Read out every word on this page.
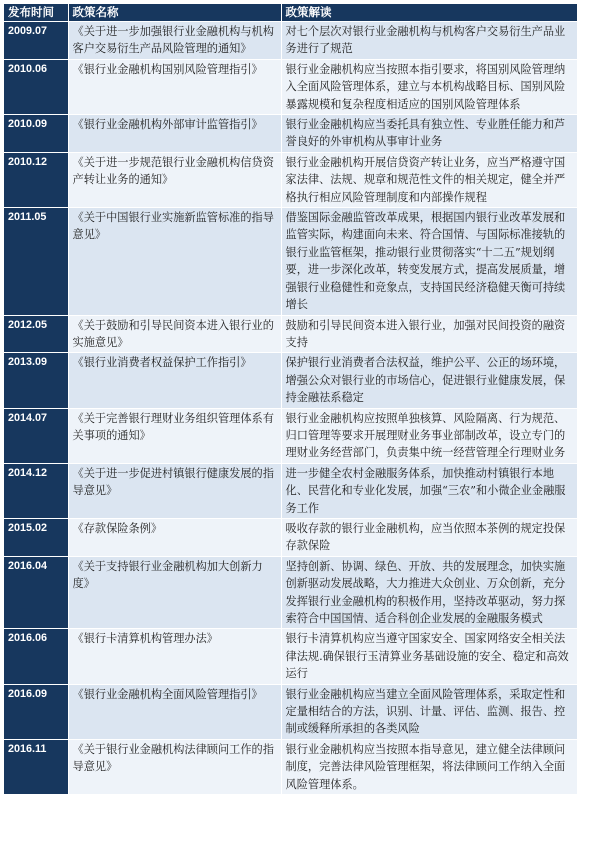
发布时间	政策名称	政策解读
2009.07	《关于进一步加强银行业金融机构与机构客户交易衍生产品风险管理的通知》	对七个层次对银行业金融机构与机构客户交易衍生产品业务进行了规范
2010.06	《银行业金融机构国别风险管理指引》	银行业金融机构应当按照本指引要求，将国别风险管理纳入全面风险管理体系，建立与本机构战略目标、国别风险暴露规模和复杂程度相适应的国别风险管理体系
2010.09	《银行业金融机构外部审计监管指引》	银行业金融机构应当委托具有独立性、专业胜任能力和芦誉良好的外审机构从事审计业务
2010.12	《关于进一步规范银行业金融机构信贷资产转让业务的通知》	银行业金融机构开展信贷资产转让业务，应当严格遵守国家法律、法规、规章和规范性文件的相关规定，健全并严格执行相应风险管理制度和内部操作规程
2011.05	《关于中国银行业实施新监管标准的指导意见》	借鉴国际金融监管改革成果，根据国内银行业改革发展和监管实际，构建面向未来、符合国情、与国际标准接轨的银行业监管框架，推动银行业贯彻落实“十二五”规划纲要，进一步深化改革，转变发展方式，提高发展质量，增强银行业稳健性和竞象点，支持国民经济稳健天衡可持续增长
2012.05	《关于鼓励和引导民间资本进入银行业的实施意见》	鼓励和引导民间资本进入银行业，加强对民间投资的融资支持
2013.09	《银行业消费者权益保护工作指引》	保护银行业消费者合法权益，维护公平、公正的场环境，增强公众对银行业的市场信心，促进银行业健康发展，保持金融祛系稳定
2014.07	《关于完善银行理财业务组织管理体系有关事项的通知》	银行业金融机构应按照单独核算、风险隔离、行为规范、归口管理等要求开展理财业务事业部制改革，设立专门的理财业务经营部门，负责集中统一经营管理全行理财业务
2014.12	《关于进一步促进村镇银行健康发展的指导意见》	进一步健全农村金融服务体系，加快推动村镇银行本地化、民营化和专业化发展，加强“三农”和小微企业金融服务工作
2015.02	《存款保险条例》	吸收存款的银行业金融机构，应当依照本茶例的规定投保存款保险
2016.04	《关于支持银行业金融机构加大创新力度》	坚持创新、协调、绿色、开放、共的发展理念，加快实施创新驱动发展战略，大力推进大众创业、万众创新，充分发挥银行业金融机构的积极作用，坚持改革驱动，努力探索符合中国国情、适合科创企业发展的金融服务模式
2016.06	《银行卡清算机构管理办法》	银行卡清算机构应当遵守国家安全、国家网络安全相关法律法规.确保银行玉清算业务基础设施的安全、稳定和高效运行
2016.09	《银行业金融机构全面风险管理指引》	银行业金融机构应当建立全面风险管理体系，采取定性和定量相结合的方法，识别、计量、评估、监测、报告、控制或缓释所承担的各类风险
2016.11	《关于银行业金融机构法律顾问工作的指导意见》	银行业金融机构应当按照本指导意见，建立健全法律顾问制度，完善法律风险管理框架，将法律顾问工作纳入全面风险管理体系。
